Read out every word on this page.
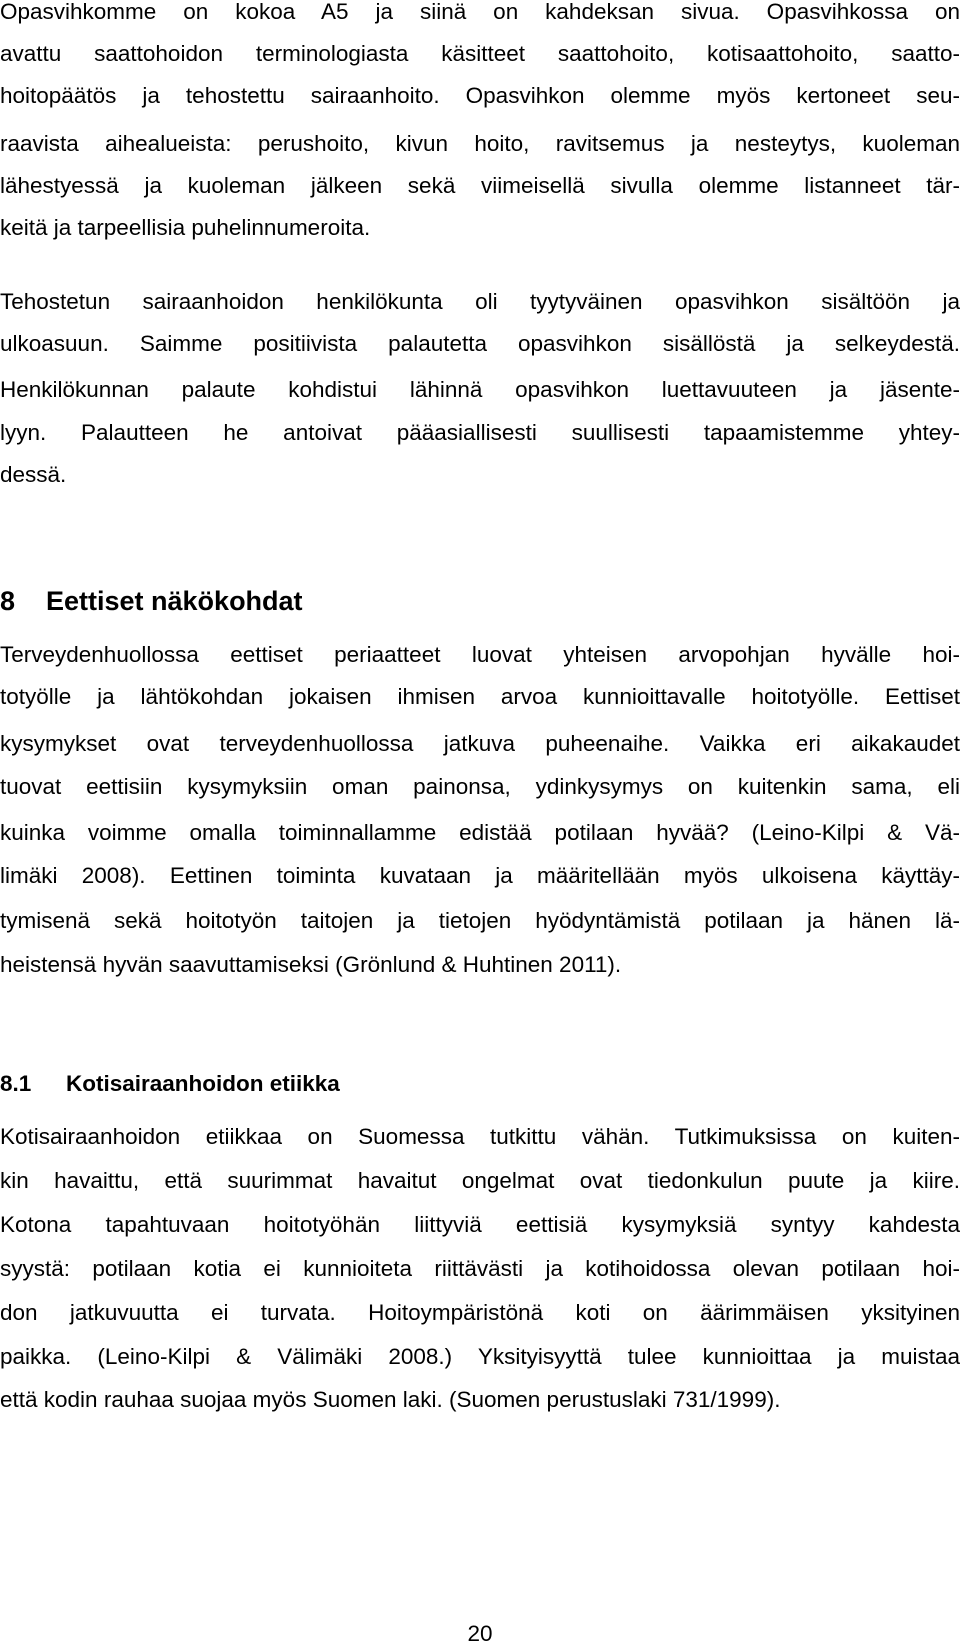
Opasvihkomme on kokoa A5 ja siinä on kahdeksan sivua. Opasvihkossa on
avattu saattohoidon terminologiasta käsitteet saattohoito, kotisaattohoito, saatto-
hoitopäätös ja tehostettu sairaanhoito. Opasvihkon olemme myös kertoneet seu-
raavista aihealueista: perushoito, kivun hoito, ravitsemus ja nesteytys, kuoleman
lähestyessä ja kuoleman jälkeen sekä viimeisellä sivulla olemme listanneet tär-
keitä ja tarpeellisia puhelinnumeroita.
Tehostetun sairaanhoidon henkilökunta oli tyytyväinen opasvihkon sisältöön ja
ulkoasuun. Saimme positiivista palautetta opasvihkon sisällöstä ja selkeydestä.
Henkilökunnan palaute kohdistui lähinnä opasvihkon luettavuuteen ja jäsente-
lyyn. Palautteen he antoivat pääasiallisesti suullisesti tapaamistemme yhtey-
dessä.
8 Eettiset näkökohdat
Terveydenhuollossa eettiset periaatteet luovat yhteisen arvopohjan hyvälle hoi-
totyölle ja lähtökohdan jokaisen ihmisen arvoa kunnioittavalle hoitotyölle. Eettiset
kysymykset ovat terveydenhuollossa jatkuva puheenaihe. Vaikka eri aikakaudet
tuovat eettisiin kysymyksiin oman painonsa, ydinkysymys on kuitenkin sama, eli
kuinka voimme omalla toiminnallamme edistää potilaan hyvää? (Leino-Kilpi & Vä-
limäki 2008). Eettinen toiminta kuvataan ja määritellään myös ulkoisena käyttäy-
tymisenä sekä hoitotyön taitojen ja tietojen hyödyntämistä potilaan ja hänen lä-
heistensä hyvän saavuttamiseksi (Grönlund & Huhtinen 2011).
8.1 Kotisairaanhoidon etiikka
Kotisairaanhoidon etiikkaa on Suomessa tutkittu vähän. Tutkimuksissa on kuiten-
kin havaittu, että suurimmat havaitut ongelmat ovat tiedonkulun puute ja kiire.
Kotona tapahtuvaan hoitotyöhän liittyviä eettisiä kysymyksiä syntyy kahdesta
syystä: potilaan kotia ei kunnioiteta riittävästi ja kotihoidossa olevan potilaan hoi-
don jatkuvuutta ei turvata. Hoitoympäristönä koti on äärimmäisen yksityinen
paikka. (Leino-Kilpi & Välimäki 2008.) Yksityisyyttä tulee kunnioittaa ja muistaa
että kodin rauhaa suojaa myös Suomen laki. (Suomen perustuslaki 731/1999).
20
